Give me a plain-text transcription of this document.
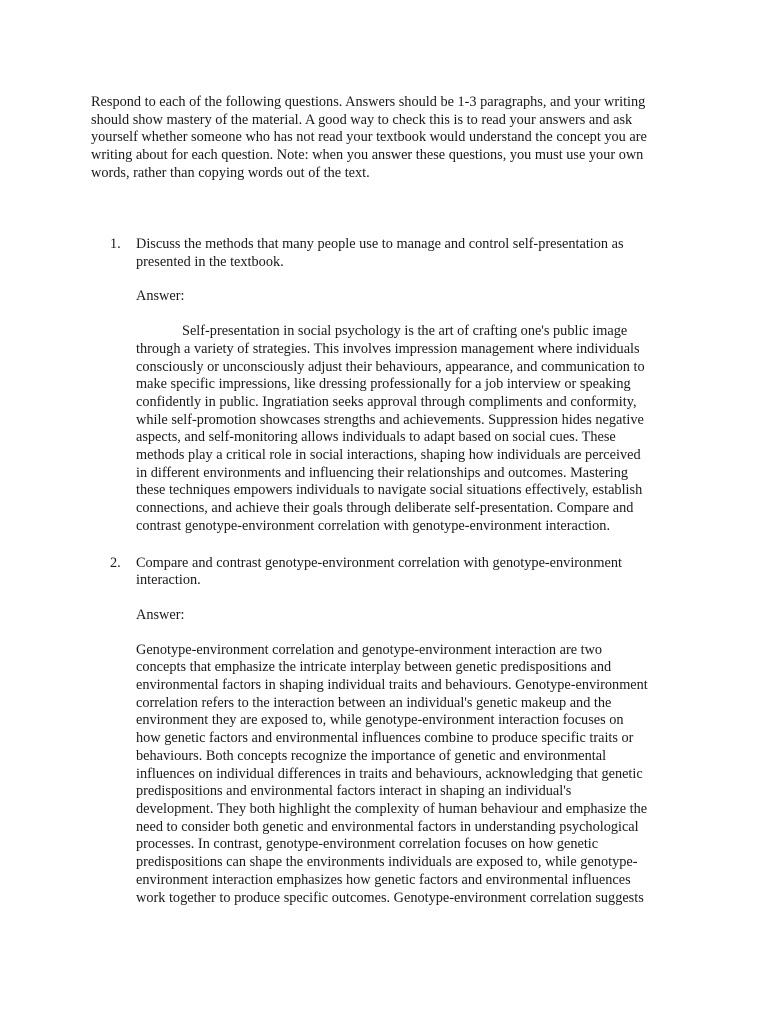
Respond to each of the following questions. Answers should be 1-3 paragraphs, and your writing should show mastery of the material. A good way to check this is to read your answers and ask yourself whether someone who has not read your textbook would understand the concept you are writing about for each question. Note: when you answer these questions, you must use your own words, rather than copying words out of the text.

1. Discuss the methods that many people use to manage and control self-presentation as presented in the textbook.

Answer:

Self-presentation in social psychology is the art of crafting one's public image through a variety of strategies. This involves impression management where individuals consciously or unconsciously adjust their behaviours, appearance, and communication to make specific impressions, like dressing professionally for a job interview or speaking confidently in public. Ingratiation seeks approval through compliments and conformity, while self-promotion showcases strengths and achievements. Suppression hides negative aspects, and self-monitoring allows individuals to adapt based on social cues. These methods play a critical role in social interactions, shaping how individuals are perceived in different environments and influencing their relationships and outcomes. Mastering these techniques empowers individuals to navigate social situations effectively, establish connections, and achieve their goals through deliberate self-presentation. Compare and contrast genotype-environment correlation with genotype-environment interaction.

2. Compare and contrast genotype-environment correlation with genotype-environment interaction.

Answer:

Genotype-environment correlation and genotype-environment interaction are two concepts that emphasize the intricate interplay between genetic predispositions and environmental factors in shaping individual traits and behaviours. Genotype-environment correlation refers to the interaction between an individual's genetic makeup and the environment they are exposed to, while genotype-environment interaction focuses on how genetic factors and environmental influences combine to produce specific traits or behaviours. Both concepts recognize the importance of genetic and environmental influences on individual differences in traits and behaviours, acknowledging that genetic predispositions and environmental factors interact in shaping an individual's development. They both highlight the complexity of human behaviour and emphasize the need to consider both genetic and environmental factors in understanding psychological processes. In contrast, genotype-environment correlation focuses on how genetic predispositions can shape the environments individuals are exposed to, while genotype-environment interaction emphasizes how genetic factors and environmental influences work together to produce specific outcomes. Genotype-environment correlation suggests
